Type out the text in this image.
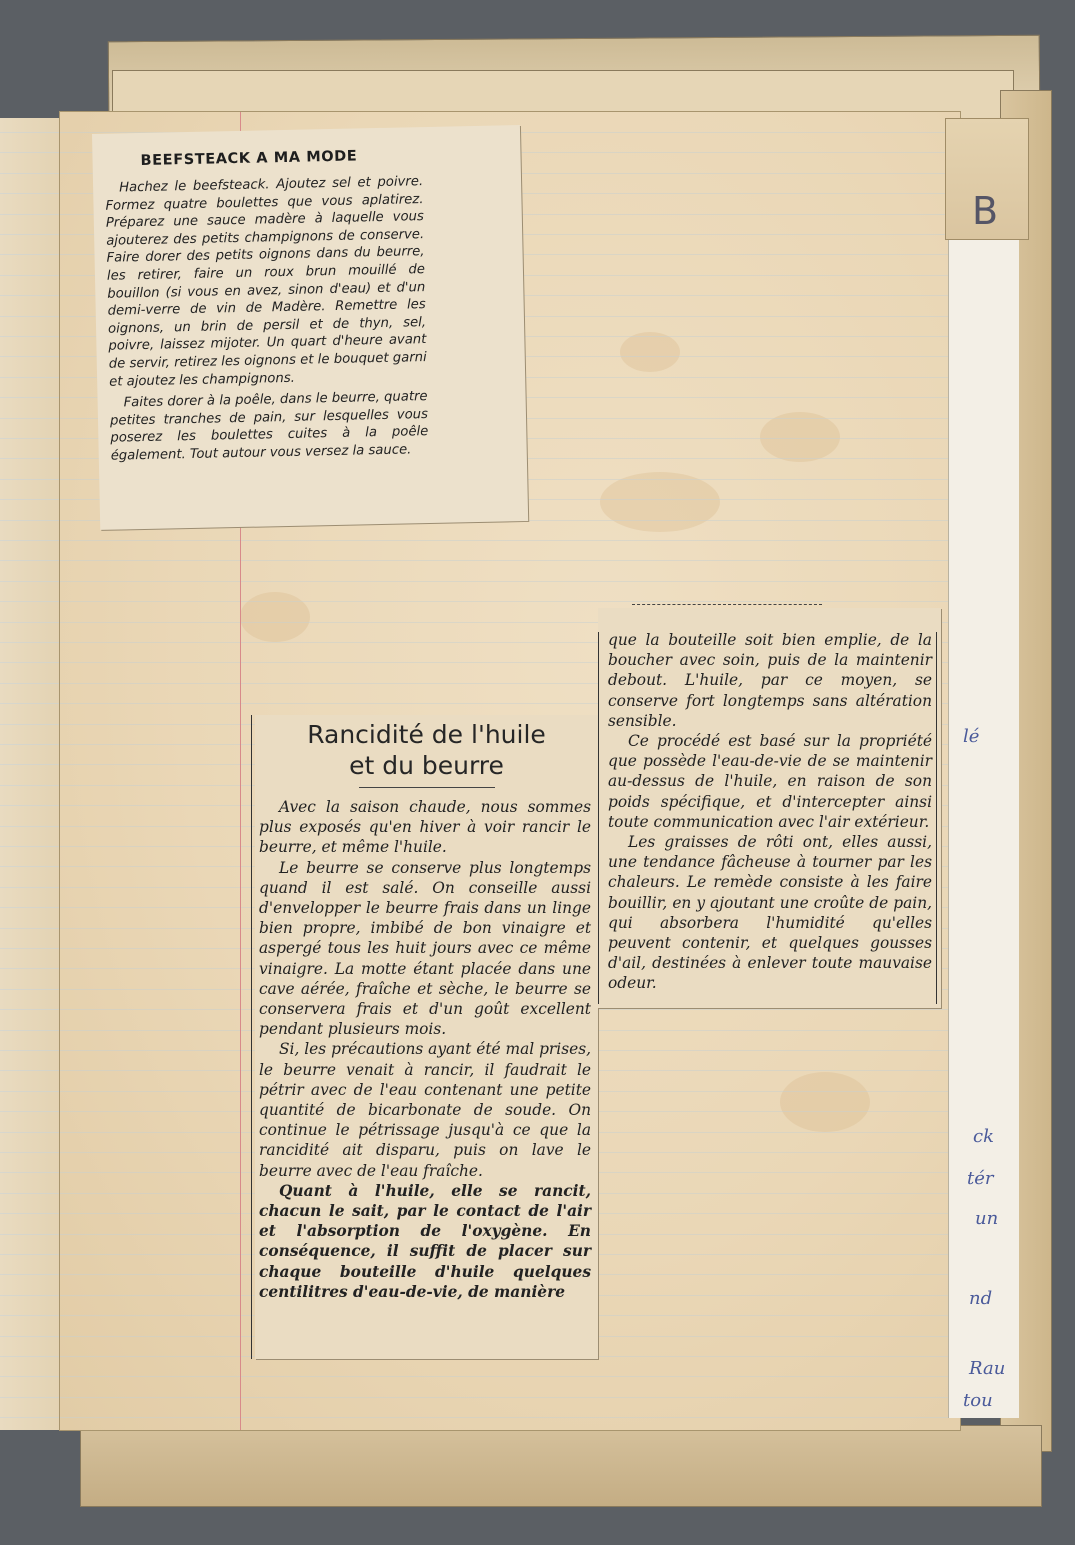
lé
ck
tér
un
nd
Rau
tou
B
BEEFSTEACK A MA MODE

Hachez le beefsteack. Ajoutez sel et poivre. Formez quatre boulettes que vous aplatirez. Préparez une sauce madère à laquelle vous ajouterez des petits champignons de conserve. Faire dorer des petits oignons dans du beurre, les retirer, faire un roux brun mouillé de bouillon (si vous en avez, sinon d'eau) et d'un demi-verre de vin de Madère. Remettre les oignons, un brin de persil et de thyn, sel, poivre, laissez mijoter. Un quart d'heure avant de servir, retirez les oignons et le bouquet garni et ajoutez les champignons.

Faites dorer à la poêle, dans le beurre, quatre petites tranches de pain, sur lesquelles vous poserez les boulettes cuites à la poêle également. Tout autour vous versez la sauce.

Rancidité de l'huile
et du beurre

Avec la saison chaude, nous sommes plus exposés qu'en hiver à voir rancir le beurre, et même l'huile.

Le beurre se conserve plus longtemps quand il est salé. On conseille aussi d'envelopper le beurre frais dans un linge bien propre, imbibé de bon vinaigre et aspergé tous les huit jours avec ce même vinaigre. La motte étant placée dans une cave aérée, fraîche et sèche, le beurre se conservera frais et d'un goût excellent pendant plusieurs mois.

Si, les précautions ayant été mal prises, le beurre venait à rancir, il faudrait le pétrir avec de l'eau contenant une petite quantité de bicarbonate de soude. On continue le pétrissage jusqu'à ce que la rancidité ait disparu, puis on lave le beurre avec de l'eau fraîche.

Quant à l'huile, elle se rancit, chacun le sait, par le contact de l'air et l'absorption de l'oxygène. En conséquence, il suffit de placer sur chaque bouteille d'huile quelques centilitres d'eau-de-vie, de manière

que la bouteille soit bien emplie, de la boucher avec soin, puis de la maintenir debout. L'huile, par ce moyen, se conserve fort longtemps sans altération sensible.

Ce procédé est basé sur la propriété que possède l'eau-de-vie de se maintenir au-dessus de l'huile, en raison de son poids spécifique, et d'intercepter ainsi toute communication avec l'air extérieur.

Les graisses de rôti ont, elles aussi, une tendance fâcheuse à tourner par les chaleurs. Le remède consiste à les faire bouillir, en y ajoutant une croûte de pain, qui absorbera l'humidité qu'elles peuvent contenir, et quelques gousses d'ail, destinées à enlever toute mauvaise odeur.
